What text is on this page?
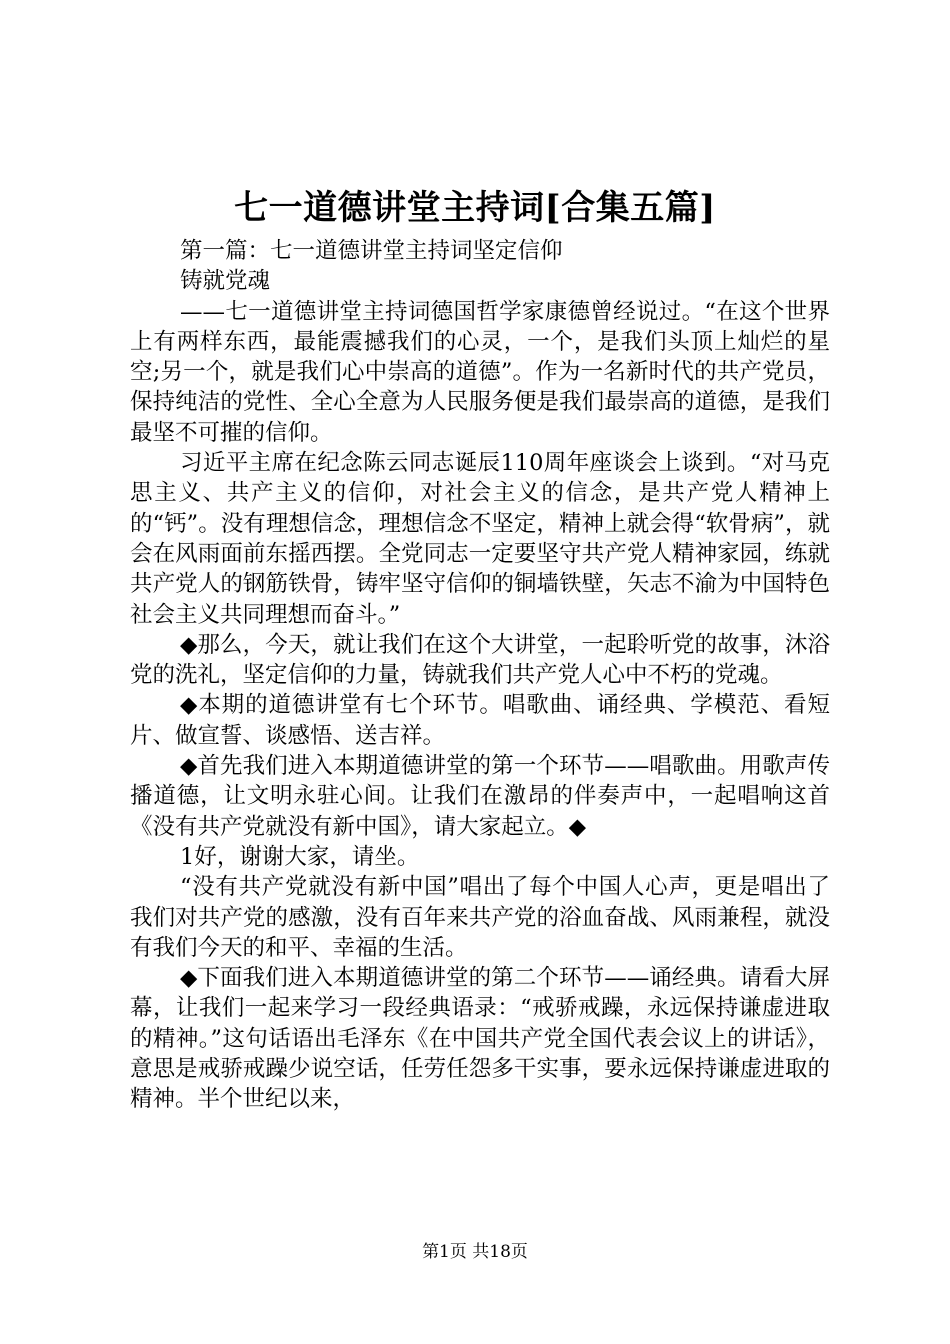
七一道德讲堂主持词[合集五篇]

第一篇：七一道德讲堂主持词坚定信仰

铸就党魂

——七一道德讲堂主持词德国哲学家康德曾经说过。“在这个世界上有两样东西，最能震撼我们的心灵，一个，是我们头顶上灿烂的星空;另一个，就是我们心中崇高的道德”。作为一名新时代的共产党员，保持纯洁的党性、全心全意为人民服务便是我们最崇高的道德，是我们最坚不可摧的信仰。

习近平主席在纪念陈云同志诞辰110周年座谈会上谈到。“对马克思主义、共产主义的信仰，对社会主义的信念，是共产党人精神上的“钙”。没有理想信念，理想信念不坚定，精神上就会得“软骨病”，就会在风雨面前东摇西摆。全党同志一定要坚守共产党人精神家园，练就共产党人的钢筋铁骨，铸牢坚守信仰的铜墙铁壁，矢志不渝为中国特色社会主义共同理想而奋斗。”

◆那么，今天，就让我们在这个大讲堂，一起聆听党的故事，沐浴党的洗礼，坚定信仰的力量，铸就我们共产党人心中不朽的党魂。

◆本期的道德讲堂有七个环节。唱歌曲、诵经典、学模范、看短片、做宣誓、谈感悟、送吉祥。

◆首先我们进入本期道德讲堂的第一个环节——唱歌曲。用歌声传播道德，让文明永驻心间。让我们在激昂的伴奏声中，一起唱响这首《没有共产党就没有新中国》，请大家起立。◆

1好，谢谢大家，请坐。

“没有共产党就没有新中国”唱出了每个中国人心声，更是唱出了我们对共产党的感激，没有百年来共产党的浴血奋战、风雨兼程，就没有我们今天的和平、幸福的生活。

◆下面我们进入本期道德讲堂的第二个环节——诵经典。请看大屏幕，让我们一起来学习一段经典语录：“戒骄戒躁，永远保持谦虚进取的精神。”这句话语出毛泽东《在中国共产党全国代表会议上的讲话》，意思是戒骄戒躁少说空话，任劳任怨多干实事，要永远保持谦虚进取的精神。半个世纪以来，

第1页 共18页
